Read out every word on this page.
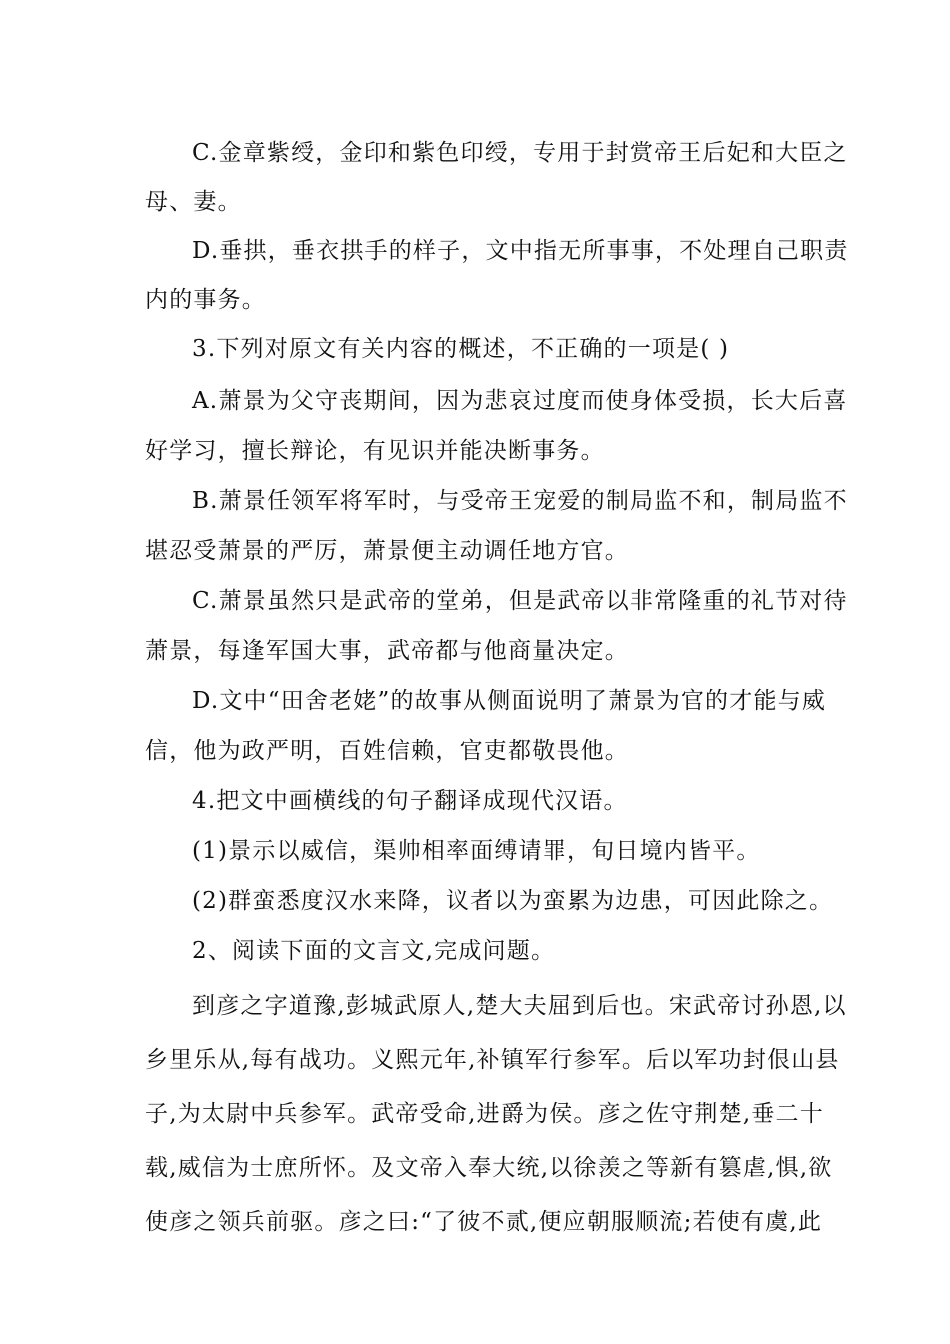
C.金章紫绶，金印和紫色印绶，专用于封赏帝王后妃和大臣之
母、妻。
D.垂拱，垂衣拱手的样子，文中指无所事事，不处理自己职责
内的事务。
3.下列对原文有关内容的概述，不正确的一项是( )
A.萧景为父守丧期间，因为悲哀过度而使身体受损，长大后喜
好学习，擅长辩论，有见识并能决断事务。
B.萧景任领军将军时，与受帝王宠爱的制局监不和，制局监不
堪忍受萧景的严厉，萧景便主动调任地方官。
C.萧景虽然只是武帝的堂弟，但是武帝以非常隆重的礼节对待
萧景，每逢军国大事，武帝都与他商量决定。
D.文中“田舍老姥”的故事从侧面说明了萧景为官的才能与威
信，他为政严明，百姓信赖，官吏都敬畏他。
4.把文中画横线的句子翻译成现代汉语。
(1)景示以威信，渠帅相率面缚请罪，旬日境内皆平。
(2)群蛮悉度汉水来降，议者以为蛮累为边患，可因此除之。
2、阅读下面的文言文,完成问题。
到彦之字道豫,彭城武原人,楚大夫屈到后也。宋武帝讨孙恩,以
乡里乐从,每有战功。义熙元年,补镇军行参军。后以军功封佷山县
子,为太尉中兵参军。武帝受命,进爵为侯。彦之佐守荆楚,垂二十
载,威信为士庶所怀。及文帝入奉大统,以徐羡之等新有篡虐,惧,欲
使彦之领兵前驱。彦之曰:“了彼不贰,便应朝服顺流;若使有虞,此
